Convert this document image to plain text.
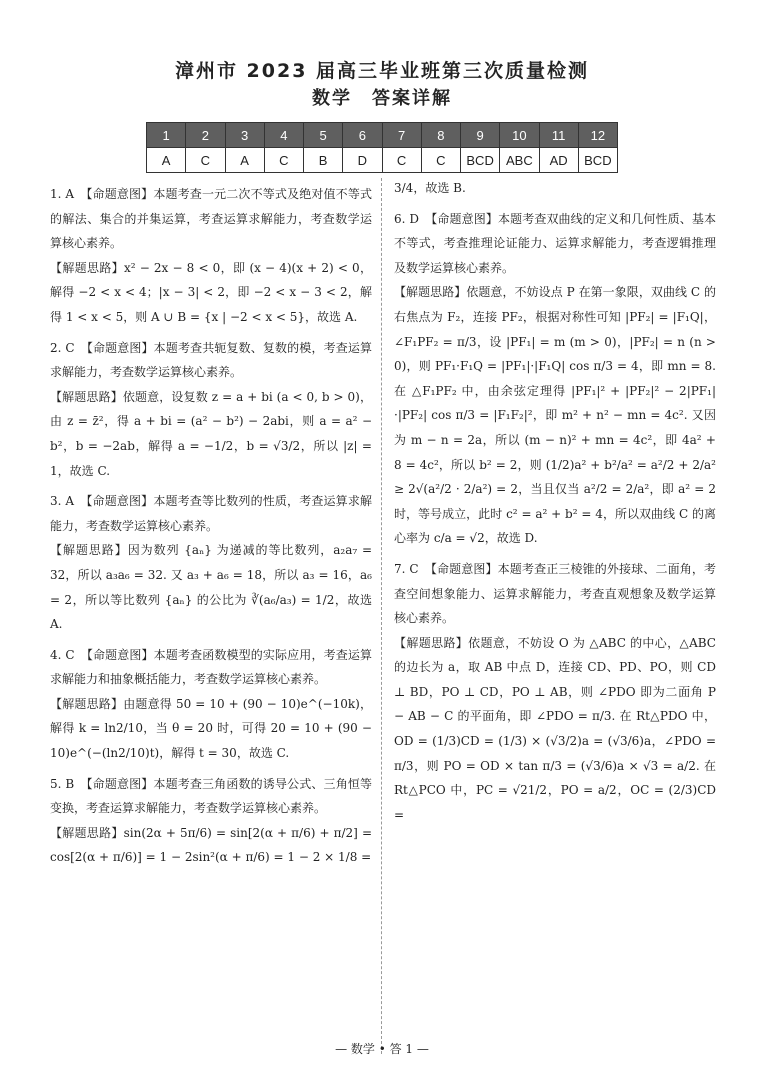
漳州市 2023 届高三毕业班第三次质量检测
数学　答案详解
1	2	3	4	5	6	7	8	9	10	11	12
A	C	A	C	B	D	C	C	BCD	ABC	AD	BCD

1. A　【命题意图】本题考查一元二次不等式及绝对值不等式的解法、集合的并集运算，考查运算求解能力，考查数学运算核心素养。

【解题思路】x² − 2x − 8 < 0，即 (x − 4)(x + 2) < 0，解得 −2 < x < 4；|x − 3| < 2，即 −2 < x − 3 < 2，解得 1 < x < 5，则 A ∪ B = {x | −2 < x < 5}，故选 A.

2. C　【命题意图】本题考查共轭复数、复数的模，考查运算求解能力，考查数学运算核心素养。

【解题思路】依题意，设复数 z = a + bi (a < 0, b > 0)，由 z = z̄²，得 a + bi = (a² − b²) − 2abi，则 a = a² − b²，b = −2ab，解得 a = −1/2，b = √3/2，所以 |z| = 1，故选 C.

3. A　【命题意图】本题考查等比数列的性质，考查运算求解能力，考查数学运算核心素养。

【解题思路】因为数列 {aₙ} 为递减的等比数列，a₂a₇ = 32，所以 a₃a₆ = 32. 又 a₃ + a₆ = 18，所以 a₃ = 16，a₆ = 2，所以等比数列 {aₙ} 的公比为 ∛(a₆/a₃) = 1/2，故选 A.

4. C　【命题意图】本题考查函数模型的实际应用，考查运算求解能力和抽象概括能力，考查数学运算核心素养。

【解题思路】由题意得 50 = 10 + (90 − 10)e^(−10k)，解得 k = ln2/10，当 θ = 20 时，可得 20 = 10 + (90 − 10)e^(−(ln2/10)t)，解得 t = 30，故选 C.

5. B　【命题意图】本题考查三角函数的诱导公式、三角恒等变换，考查运算求解能力，考查数学运算核心素养。

【解题思路】sin(2α + 5π/6) = sin[2(α + π/6) + π/2] = cos[2(α + π/6)] = 1 − 2sin²(α + π/6) = 1 − 2 × 1/8 =

3/4，故选 B.

6. D　【命题意图】本题考查双曲线的定义和几何性质、基本不等式，考查推理论证能力、运算求解能力，考查逻辑推理及数学运算核心素养。

【解题思路】依题意，不妨设点 P 在第一象限，双曲线 C 的右焦点为 F₂，连接 PF₂，根据对称性可知 |PF₂| = |F₁Q|，∠F₁PF₂ = π/3，设 |PF₁| = m (m > 0)，|PF₂| = n (n > 0)，则 PF₁·F₁Q = |PF₁|·|F₁Q| cos π/3 = 4，即 mn = 8. 在 △F₁PF₂ 中，由余弦定理得 |PF₁|² + |PF₂|² − 2|PF₁|·|PF₂| cos π/3 = |F₁F₂|²，即 m² + n² − mn = 4c². 又因为 m − n = 2a，所以 (m − n)² + mn = 4c²，即 4a² + 8 = 4c²，所以 b² = 2，则 (1/2)a² + b²/a² = a²/2 + 2/a² ≥ 2√(a²/2 · 2/a²) = 2，当且仅当 a²/2 = 2/a²，即 a² = 2 时，等号成立，此时 c² = a² + b² = 4，所以双曲线 C 的离心率为 c/a = √2，故选 D.

7. C　【命题意图】本题考查正三棱锥的外接球、二面角，考查空间想象能力、运算求解能力，考查直观想象及数学运算核心素养。

【解题思路】依题意，不妨设 O 为 △ABC 的中心，△ABC 的边长为 a，取 AB 中点 D，连接 CD、PD、PO，则 CD ⊥ BD，PO ⊥ CD，PO ⊥ AB，则 ∠PDO 即为二面角 P − AB − C 的平面角，即 ∠PDO = π/3. 在 Rt△PDO 中，OD = (1/3)CD = (1/3) × (√3/2)a = (√3/6)a，∠PDO = π/3，则 PO = OD × tan π/3 = (√3/6)a × √3 = a/2. 在 Rt△PCO 中，PC = √21/2，PO = a/2，OC = (2/3)CD =

— 数学 • 答 1 —
